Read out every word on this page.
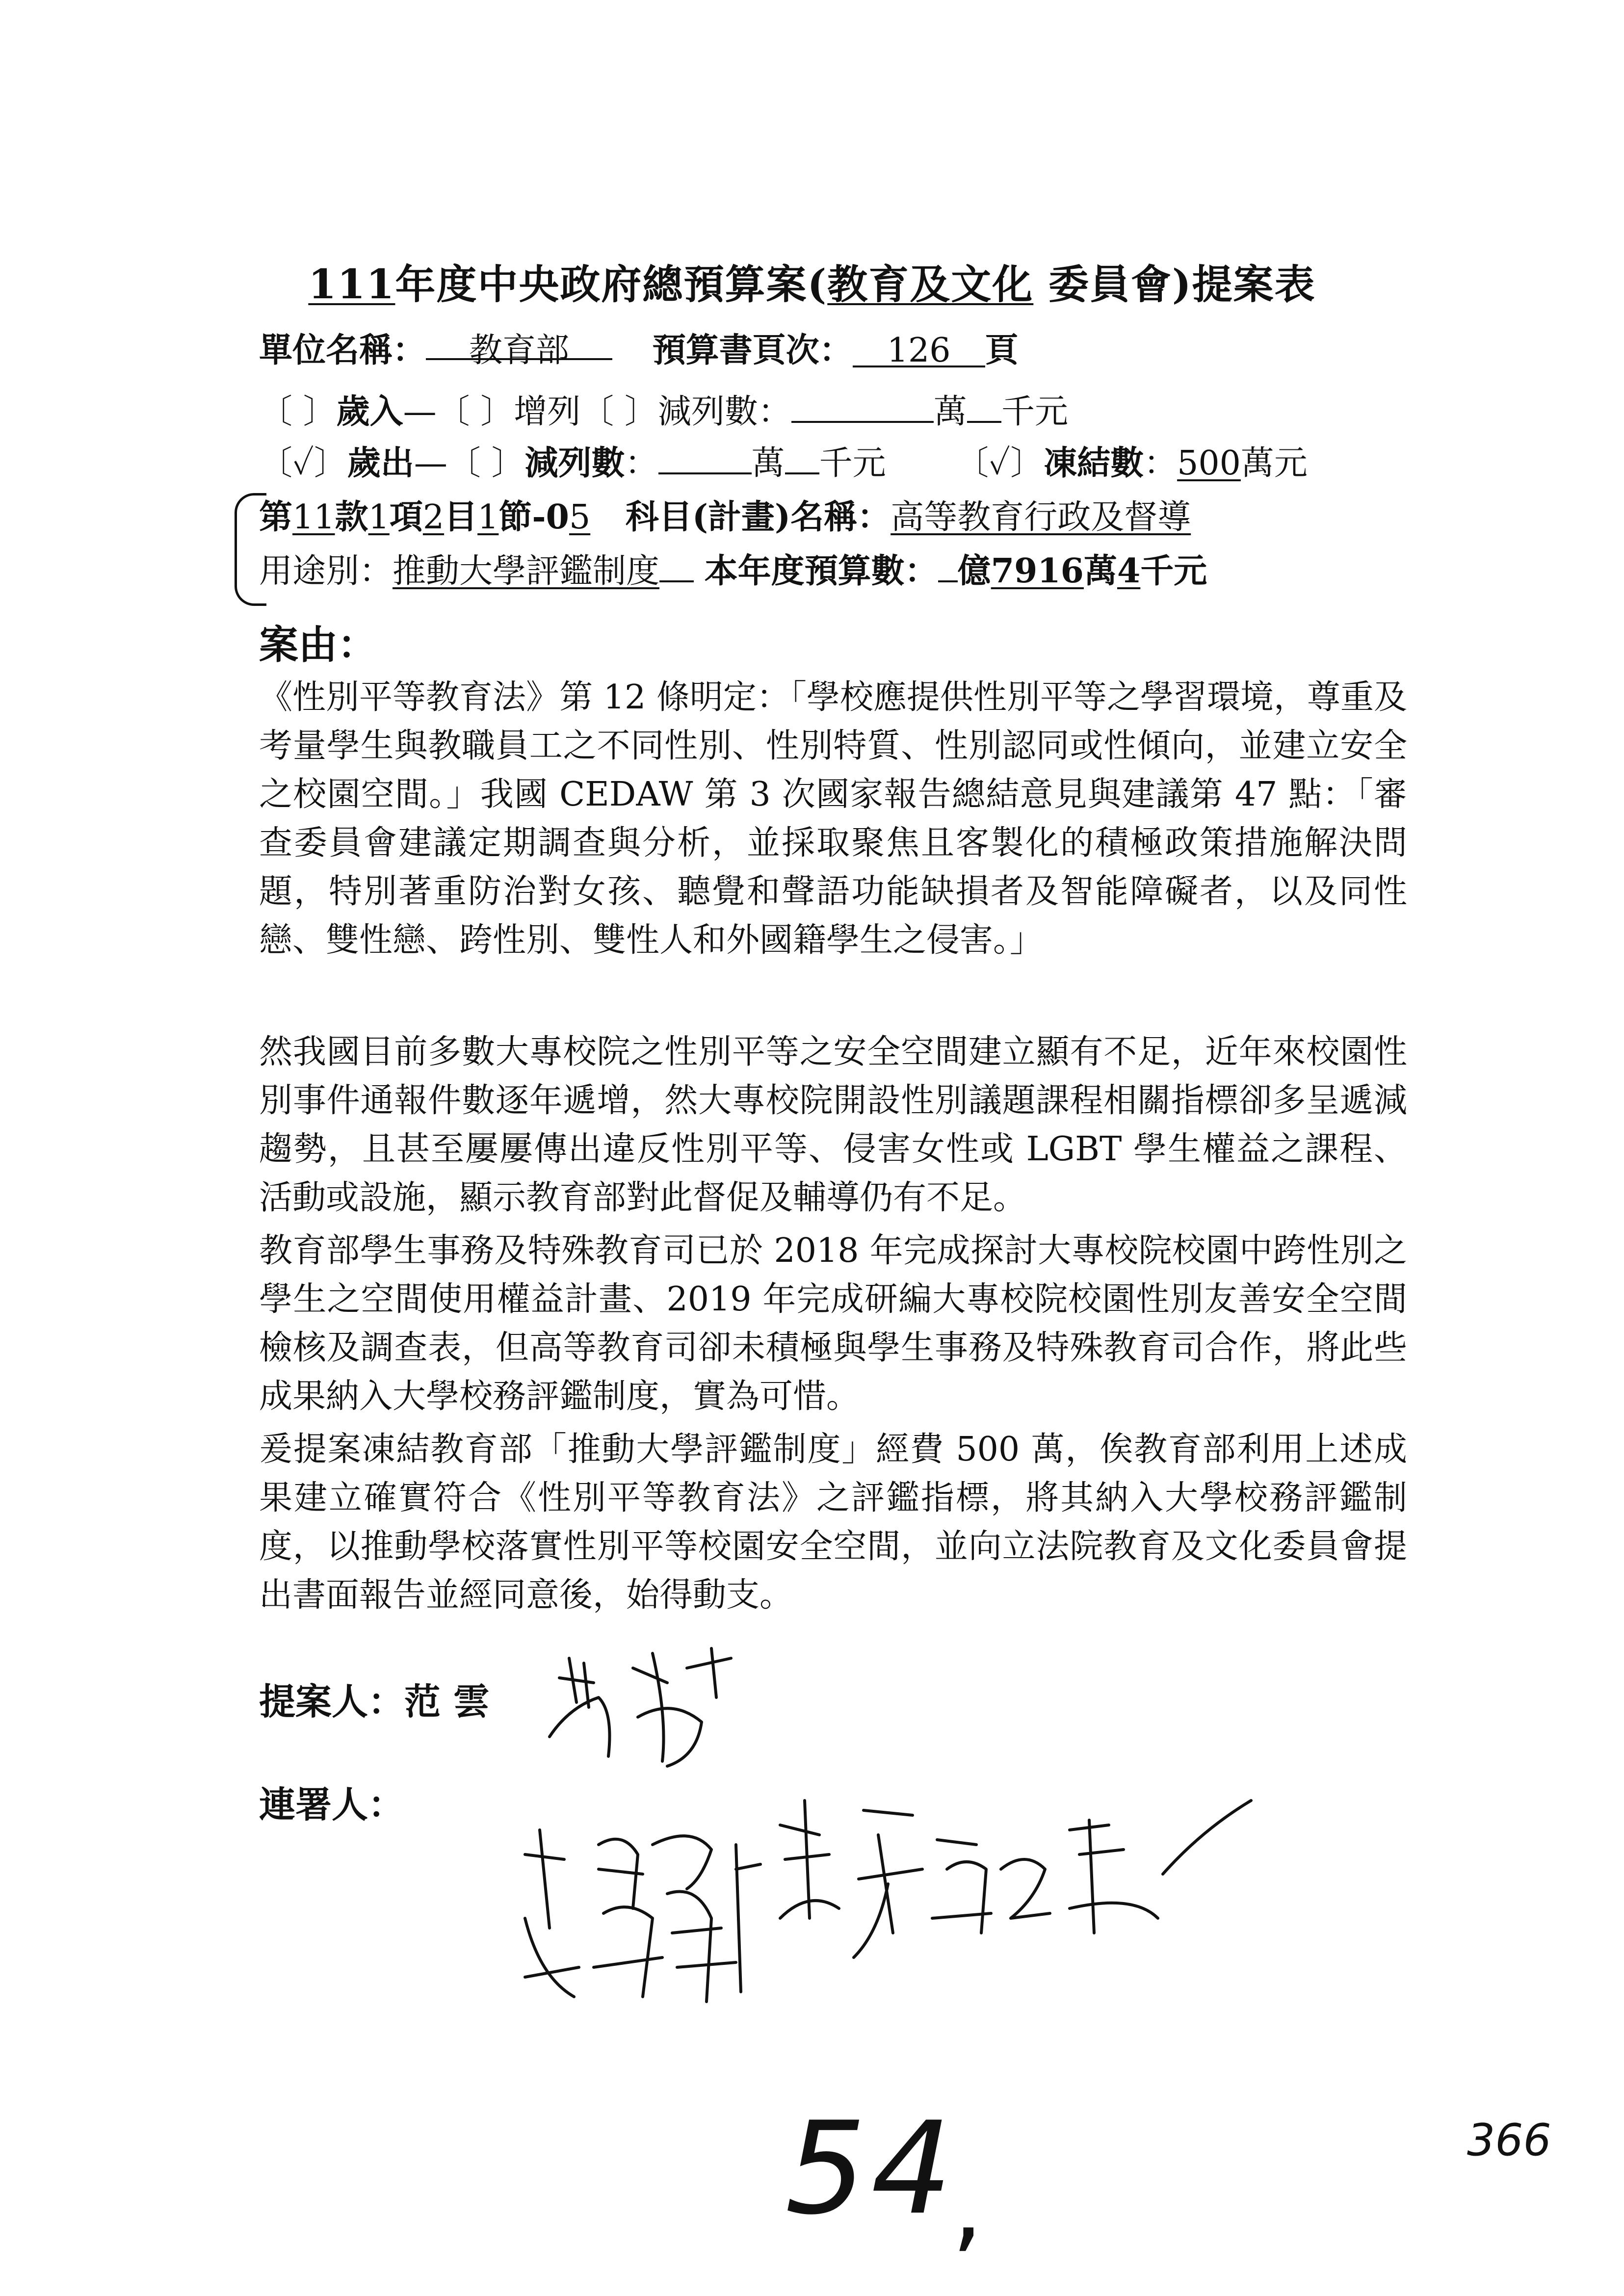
111年度中央政府總預算案(教育及文化 委員會)提案表
單位名稱： 教育部 預算書頁次： 126 頁
〔 〕歲入—〔 〕增列〔 〕減列數：	萬 千元
〔✓〕歲出—〔 〕減列數：	萬 千元 〔✓〕凍結數：500萬元
第11款1項2目1節-05 科目(計畫)名稱：高等教育行政及督導
用途別：推動大學評鑑制度 本年度預算數： 億7916萬4千元
案由：
《性別平等教育法》第 12 條明定：「學校應提供性別平等之學習環境，尊重及考量學生與教職員工之不同性別、性別特質、性別認同或性傾向，並建立安全之校園空間。」我國 CEDAW 第 3 次國家報告總結意見與建議第 47 點：「審查委員會建議定期調查與分析，並採取聚焦且客製化的積極政策措施解決問題，特別著重防治對女孩、聽覺和聲語功能缺損者及智能障礙者，以及同性戀、雙性戀、跨性別、雙性人和外國籍學生之侵害。」
然我國目前多數大專校院之性別平等之安全空間建立顯有不足，近年來校園性別事件通報件數逐年遞增，然大專校院開設性別議題課程相關指標卻多呈遞減趨勢，且甚至屢屢傳出違反性別平等、侵害女性或 LGBT 學生權益之課程、活動或設施，顯示教育部對此督促及輔導仍有不足。
教育部學生事務及特殊教育司已於 2018 年完成探討大專校院校園中跨性別之學生之空間使用權益計畫、2019 年完成研編大專校院校園性別友善安全空間檢核及調查表，但高等教育司卻未積極與學生事務及特殊教育司合作，將此些成果納入大學校務評鑑制度，實為可惜。
爰提案凍結教育部「推動大學評鑑制度」經費 500 萬，俟教育部利用上述成果建立確實符合《性別平等教育法》之評鑑指標，將其納入大學校務評鑑制度，以推動學校落實性別平等校園安全空間，並向立法院教育及文化委員會提出書面報告並經同意後，始得動支。
提案人：范 雲
連署人：
54
,
366
